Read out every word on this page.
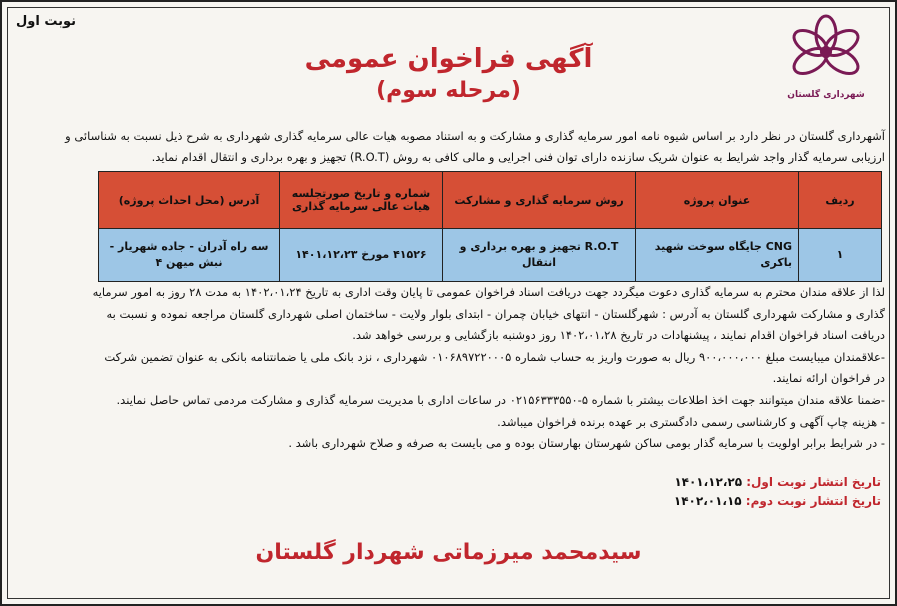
نوبت اول
شهرداری گلستان
آگهی فراخوان عمومی
(مرحله سوم)
آشهرداری گلستان در نظر دارد بر اساس شیوه نامه امور سرمایه گذاری و مشارکت و به استناد مصوبه هیات عالی سرمایه گذاری شهرداری به شرح ذیل نسبت به شناسائی و
ارزیابی سرمایه گذار واجد شرایط به عنوان شریک سازنده دارای توان فنی اجرایی و مالی کافی به روش (R.O.T) تجهیز و بهره برداری و انتقال اقدام نماید.
ردیف	عنوان پروژه	روش سرمایه گذاری و مشارکت	شماره و تاریخ صورتجلسه هیات عالی سرمایه گذاری	آدرس (محل احداث پروژه)
۱	CNG جایگاه سوخت شهید باکری	R.O.T تجهیز و بهره برداری و انتقال	۴۱۵۲۶ مورخ ۱۴۰۱،۱۲،۲۳	سه راه آدران - جاده شهریار - نبش میهن ۴

لذا از علاقه مندان محترم به سرمایه گذاری دعوت میگردد جهت دریافت اسناد فراخوان عمومی تا پایان وقت اداری به تاریخ ۱۴۰۲،۰۱،۲۴ به مدت ۲۸ روز به امور سرمایه

گذاری و مشارکت شهرداری گلستان به آدرس : شهرگلستان - انتهای خیابان چمران - ابتدای بلوار ولایت - ساختمان اصلی شهرداری گلستان مراجعه نموده و نسبت به

دریافت اسناد فراخوان اقدام نمایند ، پیشنهادات در تاریخ ۱۴۰۲،۰۱،۲۸ روز دوشنبه بازگشایی و بررسی خواهد شد.

-علاقمندان میبایست مبلغ ۹۰۰،۰۰۰،۰۰۰ ریال به صورت واریز به حساب شماره ۰۱۰۶۸۹۷۲۲۰۰۰۵ شهرداری ، نزد بانک ملی یا ضمانتنامه بانکی به عنوان تضمین شرکت

در فراخوان ارائه نمایند.

-ضمنا علاقه مندان میتوانند جهت اخذ اطلاعات بیشتر با شماره ۵-۰۲۱۵۶۳۳۳۵۵۰ در ساعات اداری با مدیریت سرمایه گذاری و مشارکت مردمی تماس حاصل نمایند.

- هزینه چاپ آگهی و کارشناسی رسمی دادگستری بر عهده برنده فراخوان میباشد.

- در شرایط برابر اولویت با سرمایه گذار بومی ساکن شهرستان بهارستان بوده و می بایست به صرفه و صلاح شهرداری باشد .

تاریخ انتشار نوبت اول: ۱۴۰۱،۱۲،۲۵
تاریخ انتشار نوبت دوم: ۱۴۰۲،۰۱،۱۵
سیدمحمد میرزماتی شهردار گلستان
